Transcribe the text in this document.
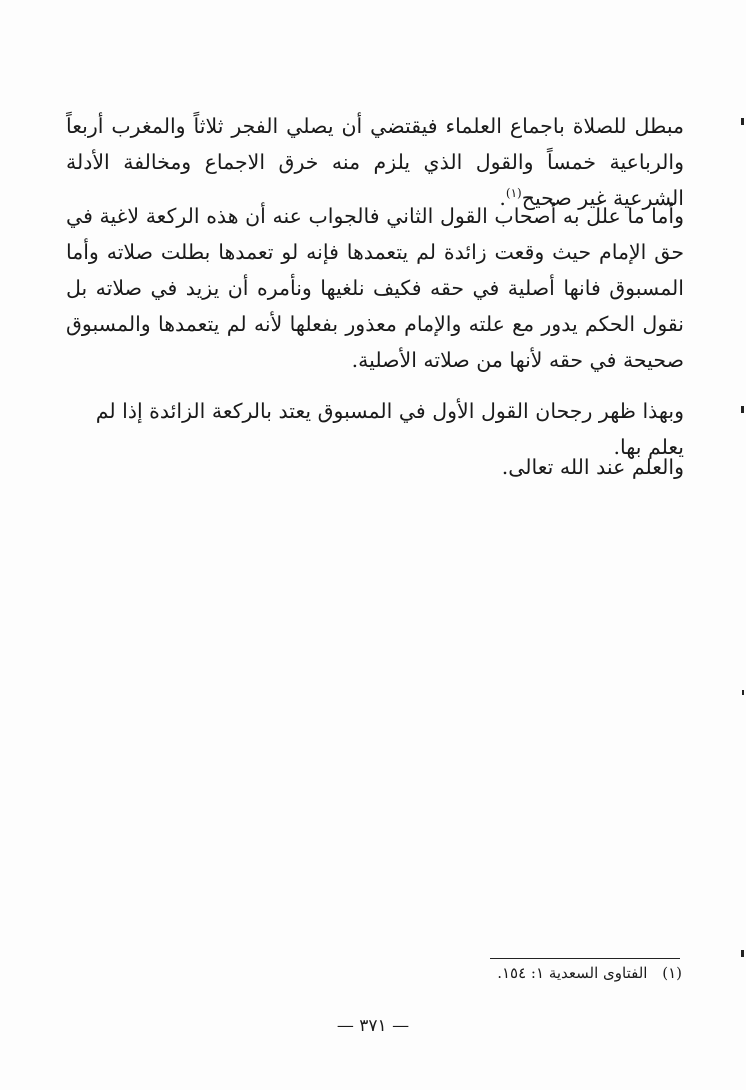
مبطل للصلاة باجماع العلماء فيقتضي أن يصلي الفجر ثلاثاً والمغرب أربعاً والرباعية خمساً والقول الذي يلزم منه خرق الاجماع ومخالفة الأدلة الشرعية غير صحيح$^{(١)}$.
وأما ما علل به أصحاب القول الثاني فالجواب عنه أن هذه الركعة لاغية في حق الإمام حيث وقعت زائدة لم يتعمدها فإنه لو تعمدها بطلت صلاته وأما المسبوق فانها أصلية في حقه فكيف نلغيها ونأمره أن يزيد في صلاته بل نقول الحكم يدور مع علته والإمام معذور بفعلها لأنه لم يتعمدها والمسبوق صحيحة في حقه لأنها من صلاته الأصلية.
وبهذا ظهر رجحان القول الأول في المسبوق يعتد بالركعة الزائدة إذا لم يعلم بها.
والعلم عند الله تعالى.
(١) الفتاوى السعدية ١: ١٥٤.
— ٣٧١ —
